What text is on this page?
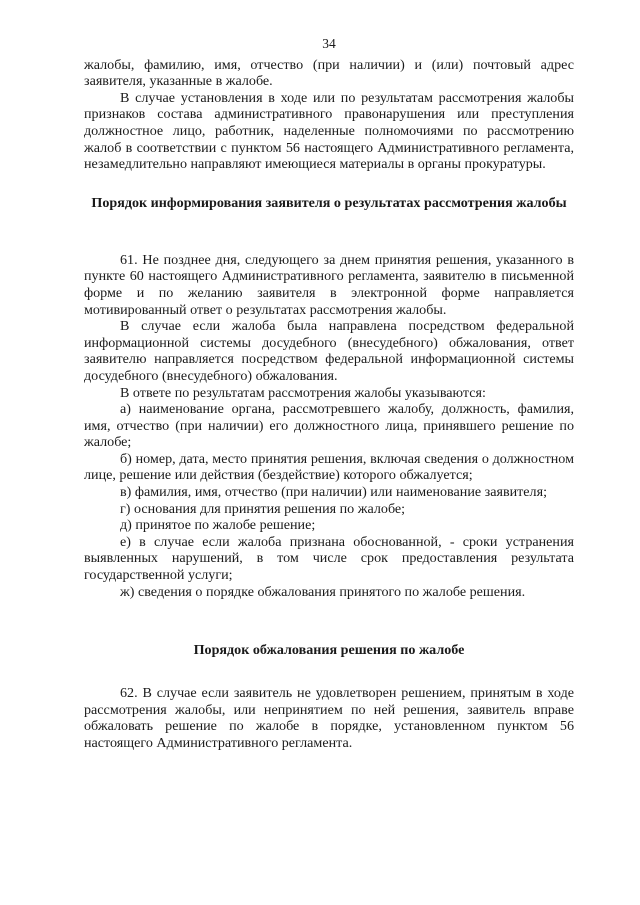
34

жалобы, фамилию, имя, отчество (при наличии) и (или) почтовый адрес заявителя, указанные в жалобе.

В случае установления в ходе или по результатам рассмотрения жалобы признаков состава административного правонарушения или преступления должностное лицо, работник, наделенные полномочиями по рассмотрению жалоб в соответствии с пунктом 56 настоящего Административного регламента, незамедлительно направляют имеющиеся материалы в органы прокуратуры.

Порядок информирования заявителя о результатах рассмотрения жалобы

61. Не позднее дня, следующего за днем принятия решения, указанного в пункте 60 настоящего Административного регламента, заявителю в письменной форме и по желанию заявителя в электронной форме направляется мотивированный ответ о результатах рассмотрения жалобы.

В случае если жалоба была направлена посредством федеральной информационной системы досудебного (внесудебного) обжалования, ответ заявителю направляется посредством федеральной информационной системы досудебного (внесудебного) обжалования.

В ответе по результатам рассмотрения жалобы указываются:

а) наименование органа, рассмотревшего жалобу, должность, фамилия, имя, отчество (при наличии) его должностного лица, принявшего решение по жалобе;

б) номер, дата, место принятия решения, включая сведения о должностном лице, решение или действия (бездействие) которого обжалуется;

в) фамилия, имя, отчество (при наличии) или наименование заявителя;

г) основания для принятия решения по жалобе;

д) принятое по жалобе решение;

е) в случае если жалоба признана обоснованной, - сроки устранения выявленных нарушений, в том числе срок предоставления результата государственной услуги;

ж) сведения о порядке обжалования принятого по жалобе решения.

Порядок обжалования решения по жалобе

62. В случае если заявитель не удовлетворен решением, принятым в ходе рассмотрения жалобы, или непринятием по ней решения, заявитель вправе обжаловать решение по жалобе в порядке, установленном пунктом 56 настоящего Административного регламента.
